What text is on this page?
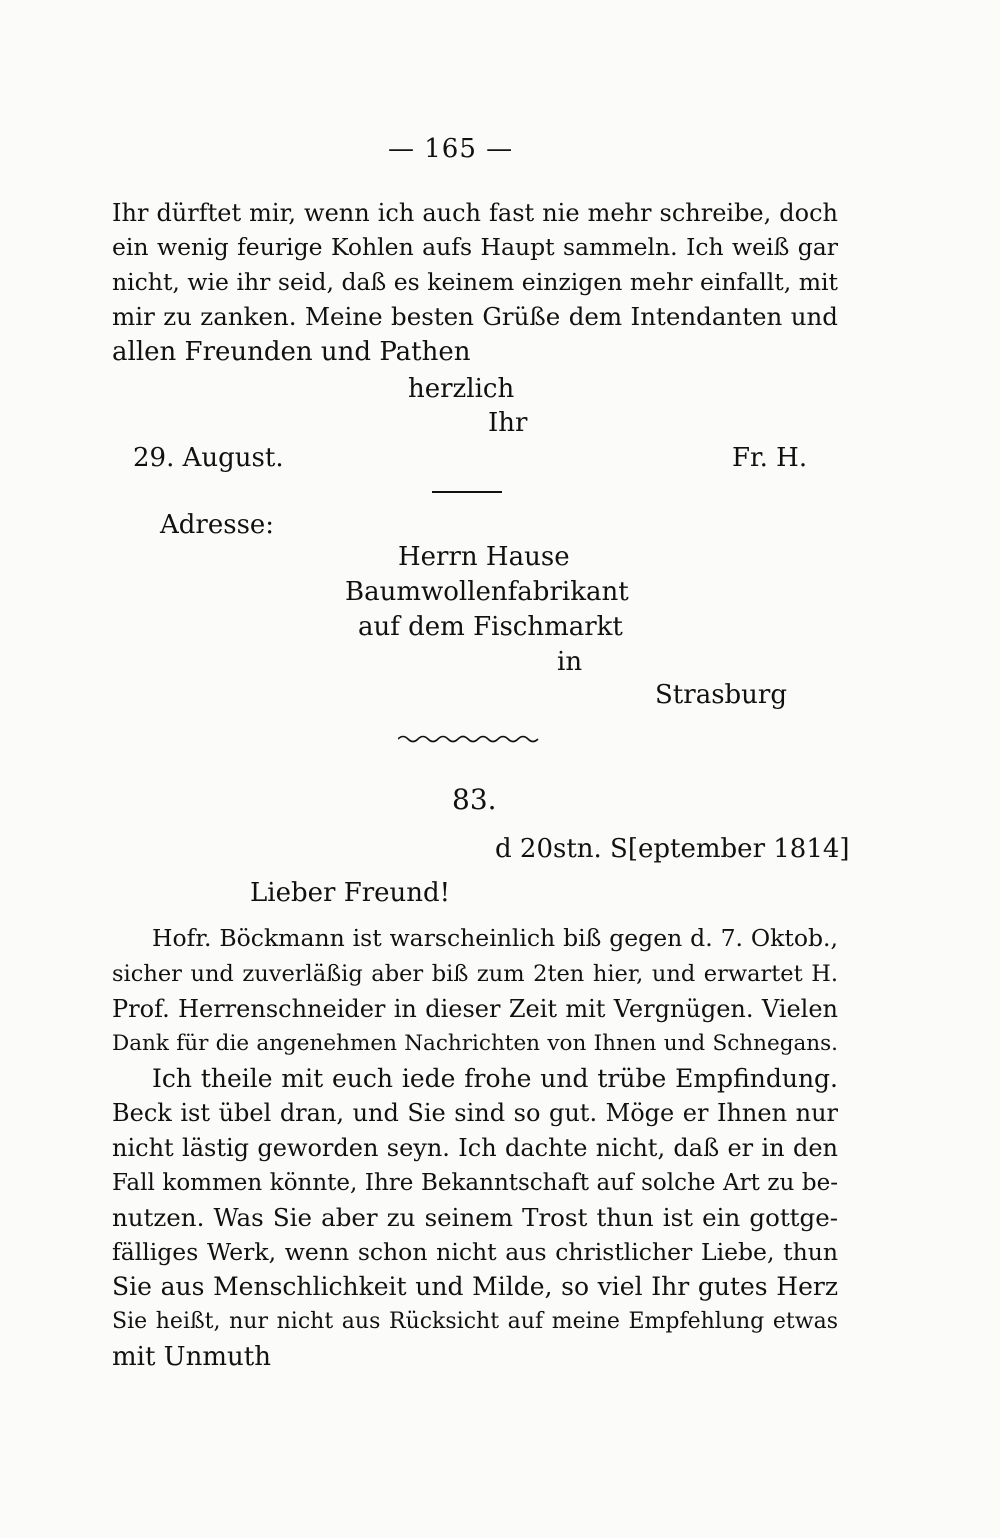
— 165 —
Ihr dürftet mir, wenn ich auch fast nie mehr schreibe, doch
ein wenig feurige Kohlen aufs Haupt sammeln. Ich weiß gar
nicht, wie ihr seid, daß es keinem einzigen mehr einfallt, mit
mir zu zanken. Meine besten Grüße dem Intendanten und
allen Freunden und Pathen
herzlich
Ihr
29. August.	Fr. H.
Adresse:
Herrn Hause
Baumwollenfabrikant
auf dem Fischmarkt
in
Strasburg
83.
d 20stn. S[eptember 1814]
Lieber Freund!
Hofr. Böckmann ist warscheinlich biß gegen d. 7. Oktob.,
sicher und zuverläßig aber biß zum 2ten hier, und erwartet H.
Prof. Herrenschneider in dieser Zeit mit Vergnügen. Vielen
Dank für die angenehmen Nachrichten von Ihnen und Schnegans.
Ich theile mit euch iede frohe und trübe Empfindung.
Beck ist übel dran, und Sie sind so gut. Möge er Ihnen nur
nicht lästig geworden seyn. Ich dachte nicht, daß er in den
Fall kommen könnte, Ihre Bekanntschaft auf solche Art zu be-
nutzen. Was Sie aber zu seinem Trost thun ist ein gottge-
fälliges Werk, wenn schon nicht aus christlicher Liebe, thun
Sie aus Menschlichkeit und Milde, so viel Ihr gutes Herz
Sie heißt, nur nicht aus Rücksicht auf meine Empfehlung etwas
mit Unmuth
